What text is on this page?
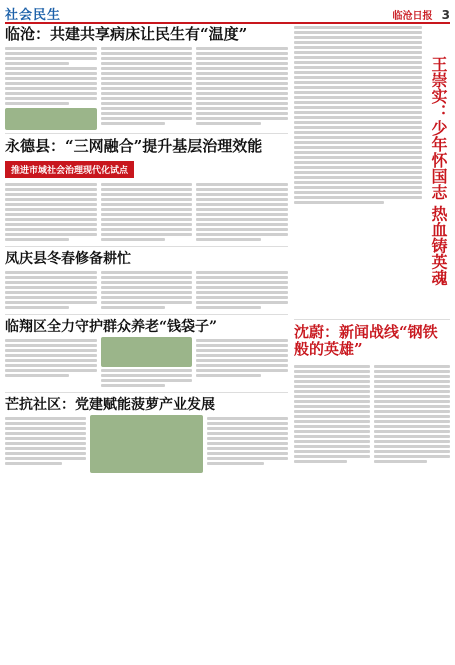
社会民生	临沧日报 3
临沧：共建共享病床让民生有“温度”
永德县：“三网融合”提升基层治理效能
推进市域社会治理现代化试点
凤庆县冬春修备耕忙
临翔区全力守护群众养老“钱袋子”
芒抗社区：党建赋能菠萝产业发展
王崇实：少年怀国志 热血铸英魂
沈蔚：新闻战线“钢铁般的英雄”
